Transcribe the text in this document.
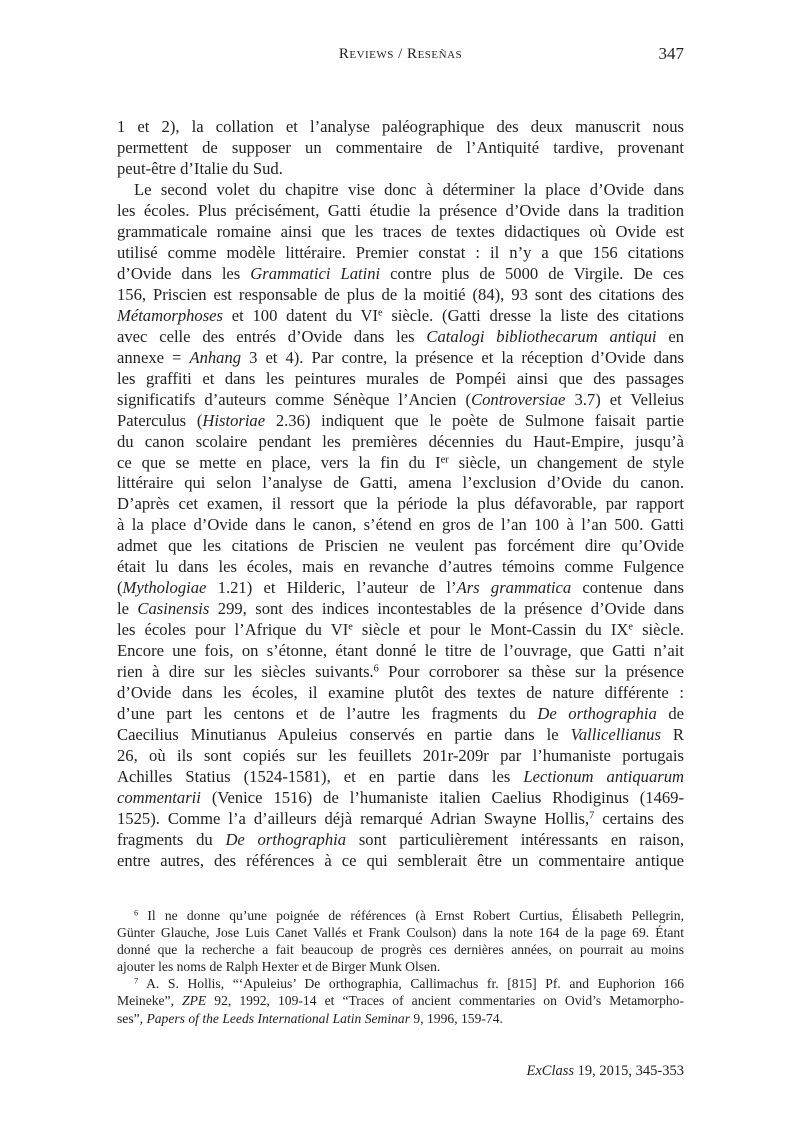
Reviews / Reseñas	347
1 et 2), la collation et l’analyse paléographique des deux manuscrit nous
permettent de supposer un commentaire de l’Antiquité tardive, provenant
peut-être d’Italie du Sud.
Le second volet du chapitre vise donc à déterminer la place d’Ovide dans
les écoles. Plus précisément, Gatti étudie la présence d’Ovide dans la tradition
grammaticale romaine ainsi que les traces de textes didactiques où Ovide est
utilisé comme modèle littéraire. Premier constat : il n’y a que 156 citations
d’Ovide dans les Grammatici Latini contre plus de 5000 de Virgile. De ces
156, Priscien est responsable de plus de la moitié (84), 93 sont des citations des
Métamorphoses et 100 datent du VIe siècle. (Gatti dresse la liste des citations
avec celle des entrés d’Ovide dans les Catalogi bibliothecarum antiqui en
annexe = Anhang 3 et 4). Par contre, la présence et la réception d’Ovide dans
les graffiti et dans les peintures murales de Pompéi ainsi que des passages
significatifs d’auteurs comme Sénèque l’Ancien (Controversiae 3.7) et Velleius
Paterculus (Historiae 2.36) indiquent que le poète de Sulmone faisait partie
du canon scolaire pendant les premières décennies du Haut-Empire, jusqu’à
ce que se mette en place, vers la fin du Ier siècle, un changement de style
littéraire qui selon l’analyse de Gatti, amena l’exclusion d’Ovide du canon.
D’après cet examen, il ressort que la période la plus défavorable, par rapport
à la place d’Ovide dans le canon, s’étend en gros de l’an 100 à l’an 500. Gatti
admet que les citations de Priscien ne veulent pas forcément dire qu’Ovide
était lu dans les écoles, mais en revanche d’autres témoins comme Fulgence
(Mythologiae 1.21) et Hilderic, l’auteur de l’Ars grammatica contenue dans
le Casinensis 299, sont des indices incontestables de la présence d’Ovide dans
les écoles pour l’Afrique du VIe siècle et pour le Mont-Cassin du IXe siècle.
Encore une fois, on s’étonne, étant donné le titre de l’ouvrage, que Gatti n’ait
rien à dire sur les siècles suivants.$^6$ Pour corroborer sa thèse sur la présence
d’Ovide dans les écoles, il examine plutôt des textes de nature différente :
d’une part les centons et de l’autre les fragments du De orthographia de
Caecilius Minutianus Apuleius conservés en partie dans le Vallicellianus R
26, où ils sont copiés sur les feuillets 201r-209r par l’humaniste portugais
Achilles Statius (1524-1581), et en partie dans les Lectionum antiquarum
commentarii (Venice 1516) de l’humaniste italien Caelius Rhodiginus (1469-
1525). Comme l’a d’ailleurs déjà remarqué Adrian Swayne Hollis,$^7$ certains des
fragments du De orthographia sont particulièrement intéressants en raison,
entre autres, des références à ce qui semblerait être un commentaire antique
$^6$ Il ne donne qu’une poignée de références (à Ernst Robert Curtius, Élisabeth Pellegrin,
Günter Glauche, Jose Luis Canet Vallés et Frank Coulson) dans la note 164 de la page 69. Étant
donné que la recherche a fait beaucoup de progrès ces dernières années, on pourrait au moins
ajouter les noms de Ralph Hexter et de Birger Munk Olsen.
$^7$ A. S. Hollis, “‘Apuleius’ De orthographia, Callimachus fr. [815] Pf. and Euphorion 166
Meineke”, ZPE 92, 1992, 109-14 et “Traces of ancient commentaries on Ovid’s Metamorpho-
ses”, Papers of the Leeds International Latin Seminar 9, 1996, 159-74.
ExClass 19, 2015, 345-353
